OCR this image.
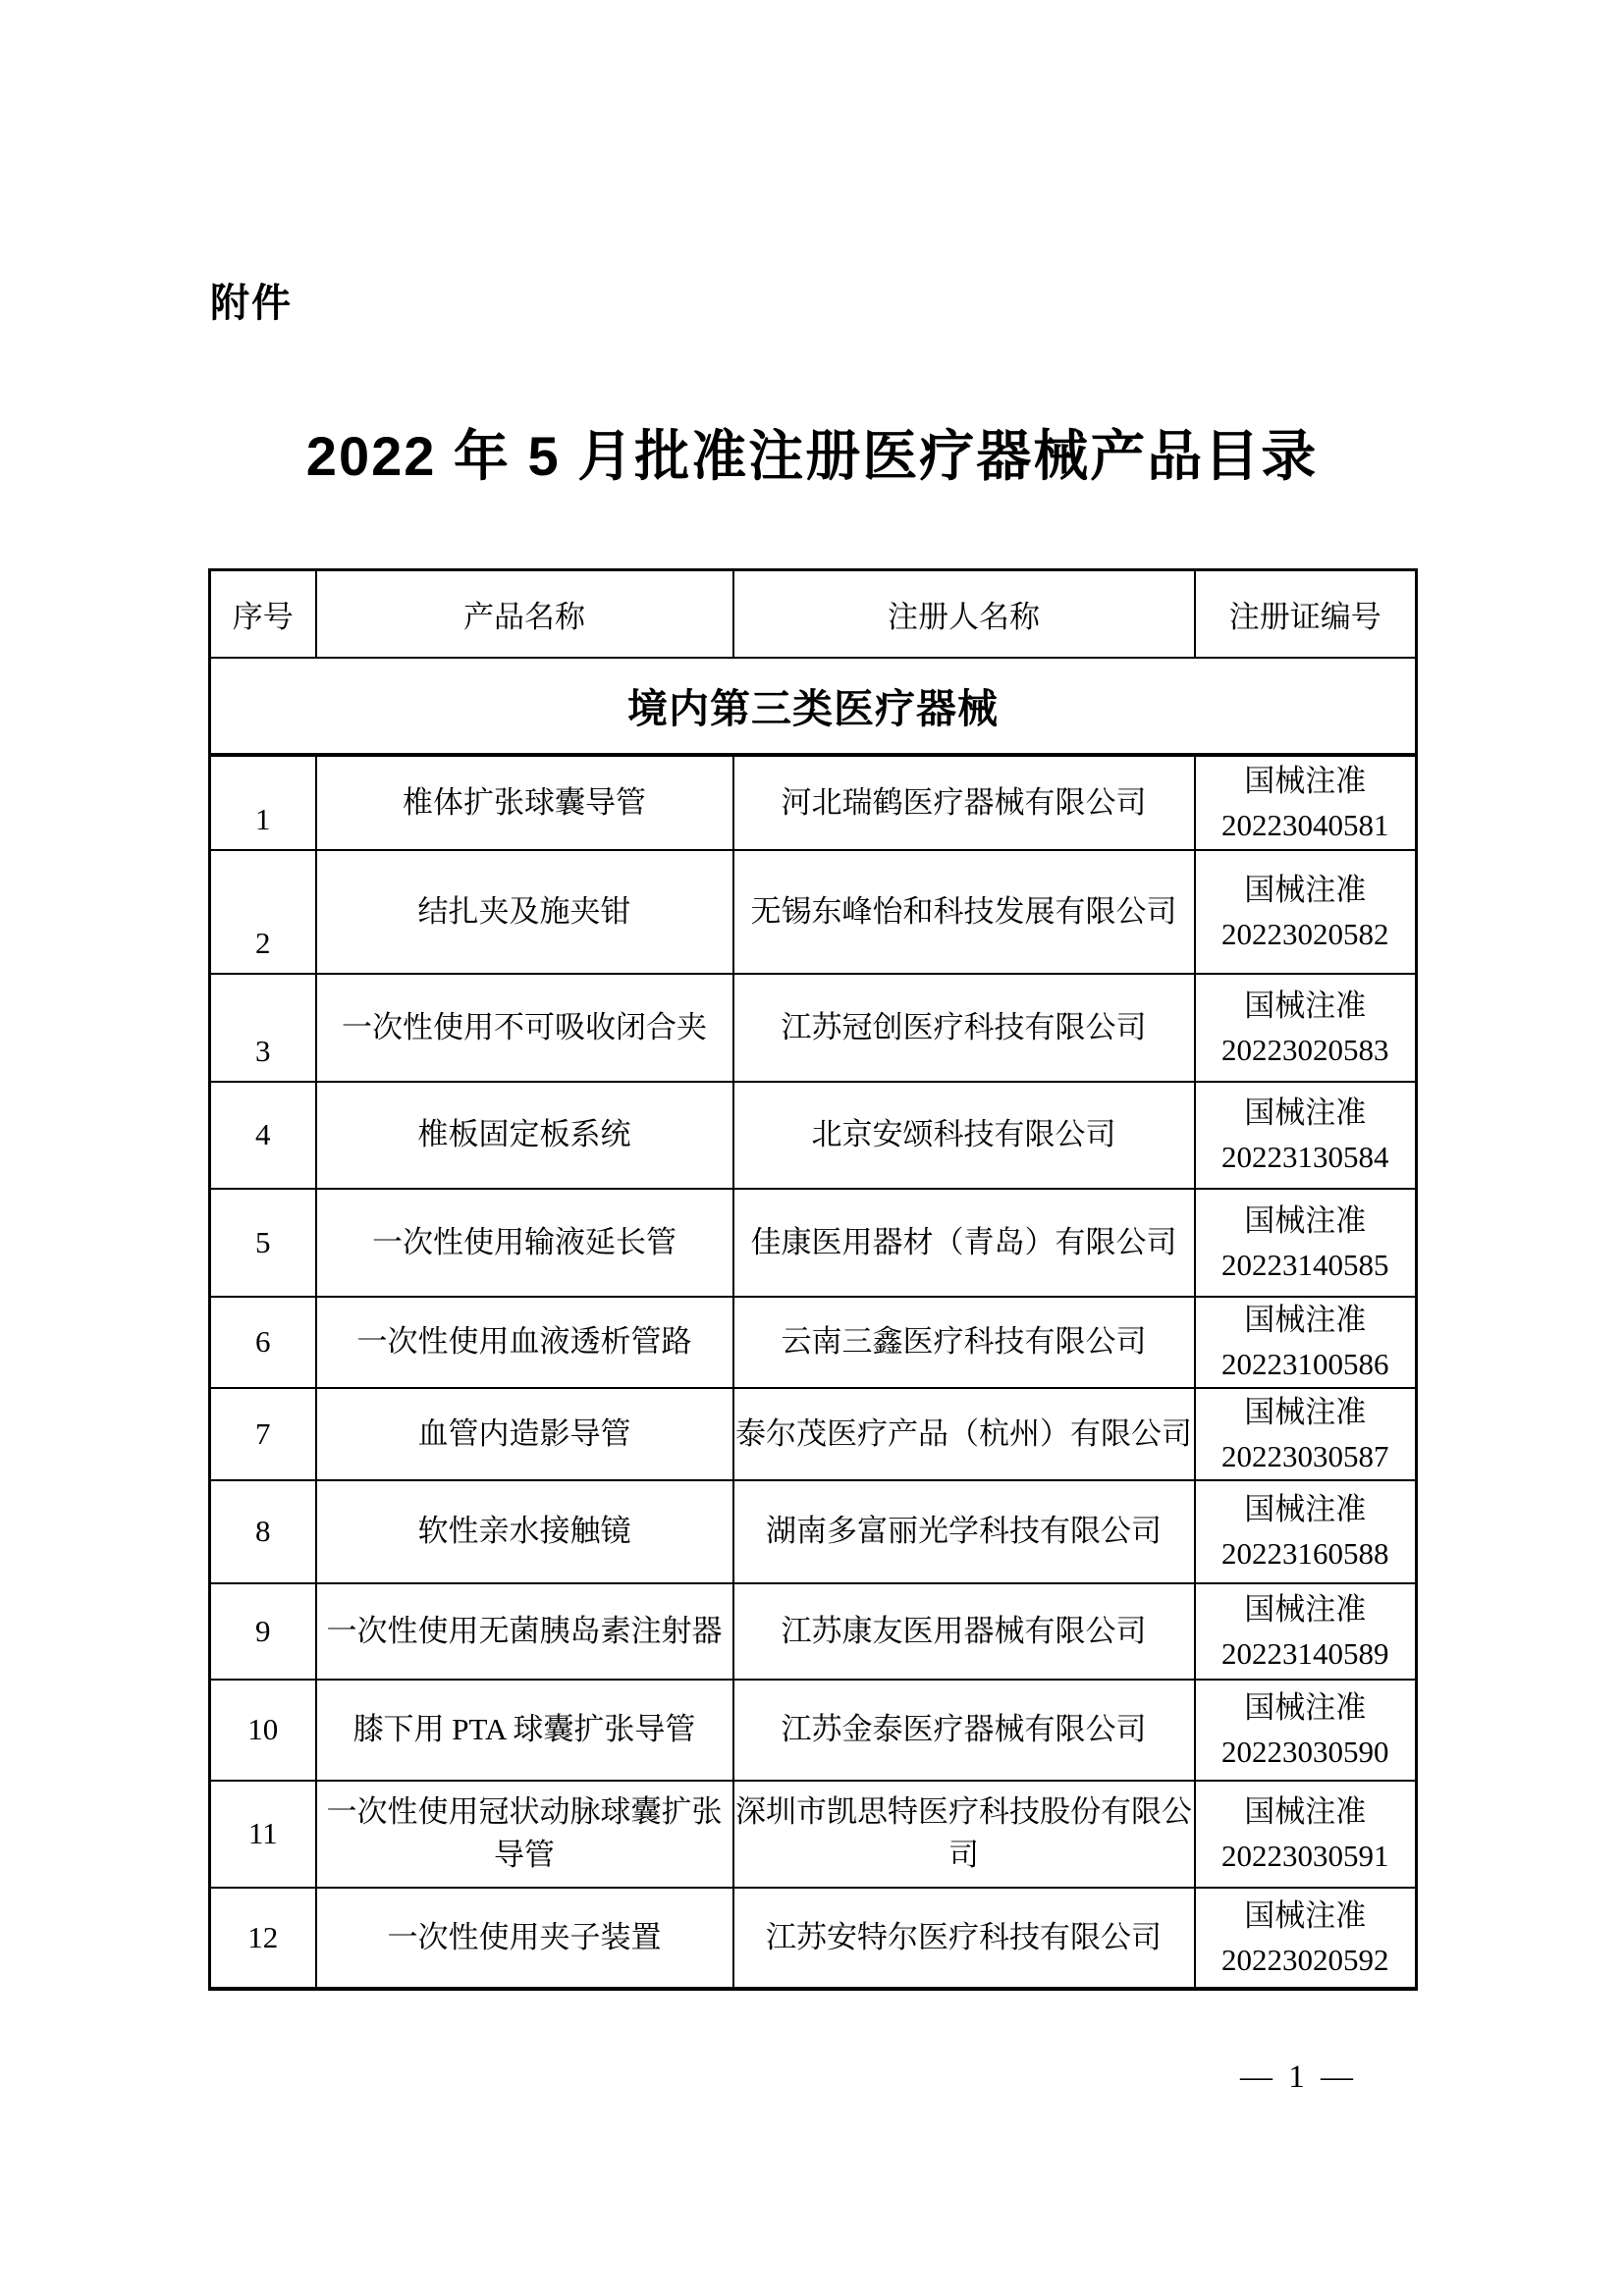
附件
2022 年 5 月批准注册医疗器械产品目录
序号	产品名称	注册人名称	注册证编号
境内第三类医疗器械			
1	椎体扩张球囊导管	河北瑞鹤医疗器械有限公司	国械注准
20223040581

2	结扎夹及施夹钳	无锡东峰怡和科技发展有限公司	国械注准
20223020582

3	一次性使用不可吸收闭合夹	江苏冠创医疗科技有限公司	国械注准
20223020583

4	椎板固定板系统	北京安颂科技有限公司	国械注准
20223130584

5	一次性使用输液延长管	佳康医用器材（青岛）有限公司	国械注准
20223140585

6	一次性使用血液透析管路	云南三鑫医疗科技有限公司	国械注准
20223100586

7	血管内造影导管	泰尔茂医疗产品（杭州）有限公司	国械注准
20223030587

8	软性亲水接触镜	湖南多富丽光学科技有限公司	国械注准
20223160588

9	一次性使用无菌胰岛素注射器	江苏康友医用器械有限公司	国械注准
20223140589

10	膝下用 PTA 球囊扩张导管	江苏金泰医疗器械有限公司	国械注准
20223030590

11	一次性使用冠状动脉球囊扩张导管	深圳市凯思特医疗科技股份有限公司	国械注准
20223030591

12	一次性使用夹子装置	江苏安特尔医疗科技有限公司	国械注准
20223020592
— 1 —
